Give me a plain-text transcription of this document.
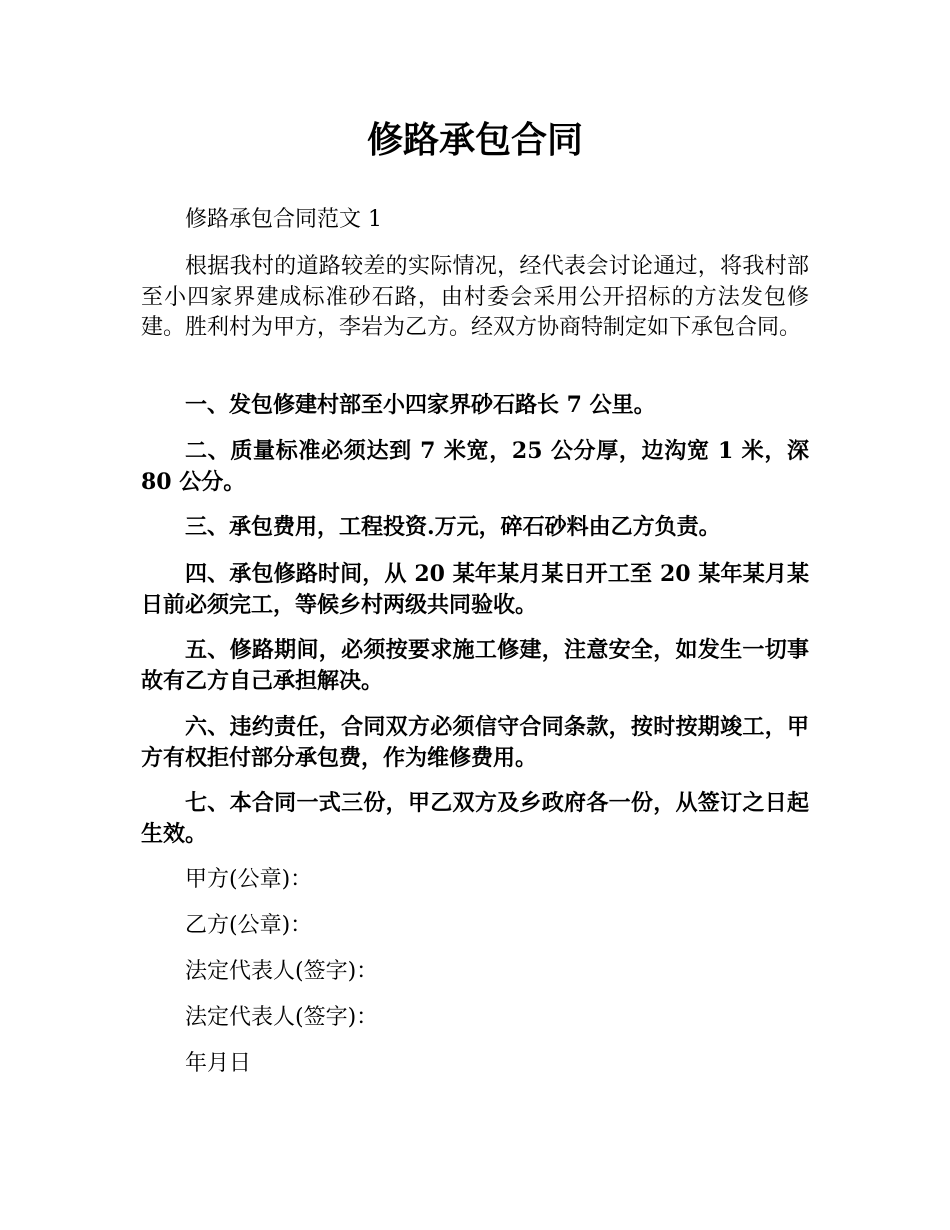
修路承包合同

修路承包合同范文 1

根据我村的道路较差的实际情况，经代表会讨论通过，将我村部至小四家界建成标准砂石路，由村委会采用公开招标的方法发包修建。胜利村为甲方，李岩为乙方。经双方协商特制定如下承包合同。

一、发包修建村部至小四家界砂石路长 7 公里。

二、质量标准必须达到 7 米宽，25 公分厚，边沟宽 1 米，深 80 公分。

三、承包费用，工程投资.万元，碎石砂料由乙方负责。

四、承包修路时间，从 20 某年某月某日开工至 20 某年某月某日前必须完工，等候乡村两级共同验收。

五、修路期间，必须按要求施工修建，注意安全，如发生一切事故有乙方自己承担解决。

六、违约责任，合同双方必须信守合同条款，按时按期竣工，甲方有权拒付部分承包费，作为维修费用。

七、本合同一式三份，甲乙双方及乡政府各一份，从签订之日起生效。

甲方(公章)：

乙方(公章)：

法定代表人(签字)：

法定代表人(签字)：

年月日
